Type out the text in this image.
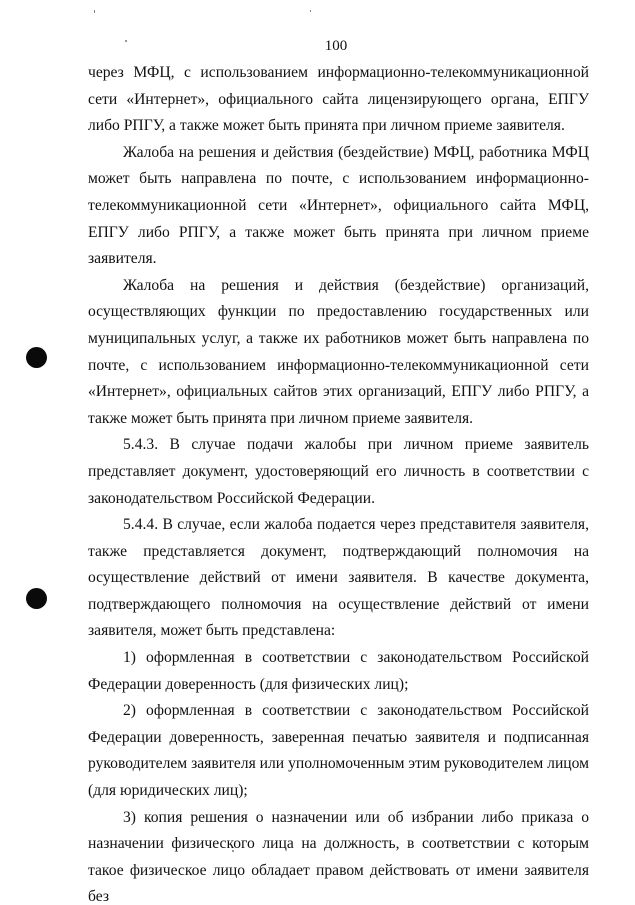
100

через МФЦ, с использованием информационно-телекоммуникационной сети «Интернет», официального сайта лицензирующего органа, ЕПГУ либо РПГУ, а также может быть принята при личном приеме заявителя.

Жалоба на решения и действия (бездействие) МФЦ, работника МФЦ может быть направлена по почте, с использованием информационно-телекоммуникационной сети «Интернет», официального сайта МФЦ, ЕПГУ либо РПГУ, а также может быть принята при личном приеме заявителя.

Жалоба на решения и действия (бездействие) организаций, осуществляющих функции по предоставлению государственных или муниципальных услуг, а также их работников может быть направлена по почте, с использованием информационно-телекоммуникационной сети «Интернет», официальных сайтов этих организаций, ЕПГУ либо РПГУ, а также может быть принята при личном приеме заявителя.

5.4.3. В случае подачи жалобы при личном приеме заявитель представляет документ, удостоверяющий его личность в соответствии с законодательством Российской Федерации.

5.4.4. В случае, если жалоба подается через представителя заявителя, также представляется документ, подтверждающий полномочия на осуществление действий от имени заявителя. В качестве документа, подтверждающего полномочия на осуществление действий от имени заявителя, может быть представлена:

1) оформленная в соответствии с законодательством Российской Федерации доверенность (для физических лиц);

2) оформленная в соответствии с законодательством Российской Федерации доверенность, заверенная печатью заявителя и подписанная руководителем заявителя или уполномоченным этим руководителем лицом (для юридических лиц);

3) копия решения о назначении или об избрании либо приказа о назначении физического лица на должность, в соответствии с которым такое физическое лицо обладает правом действовать от имени заявителя без
